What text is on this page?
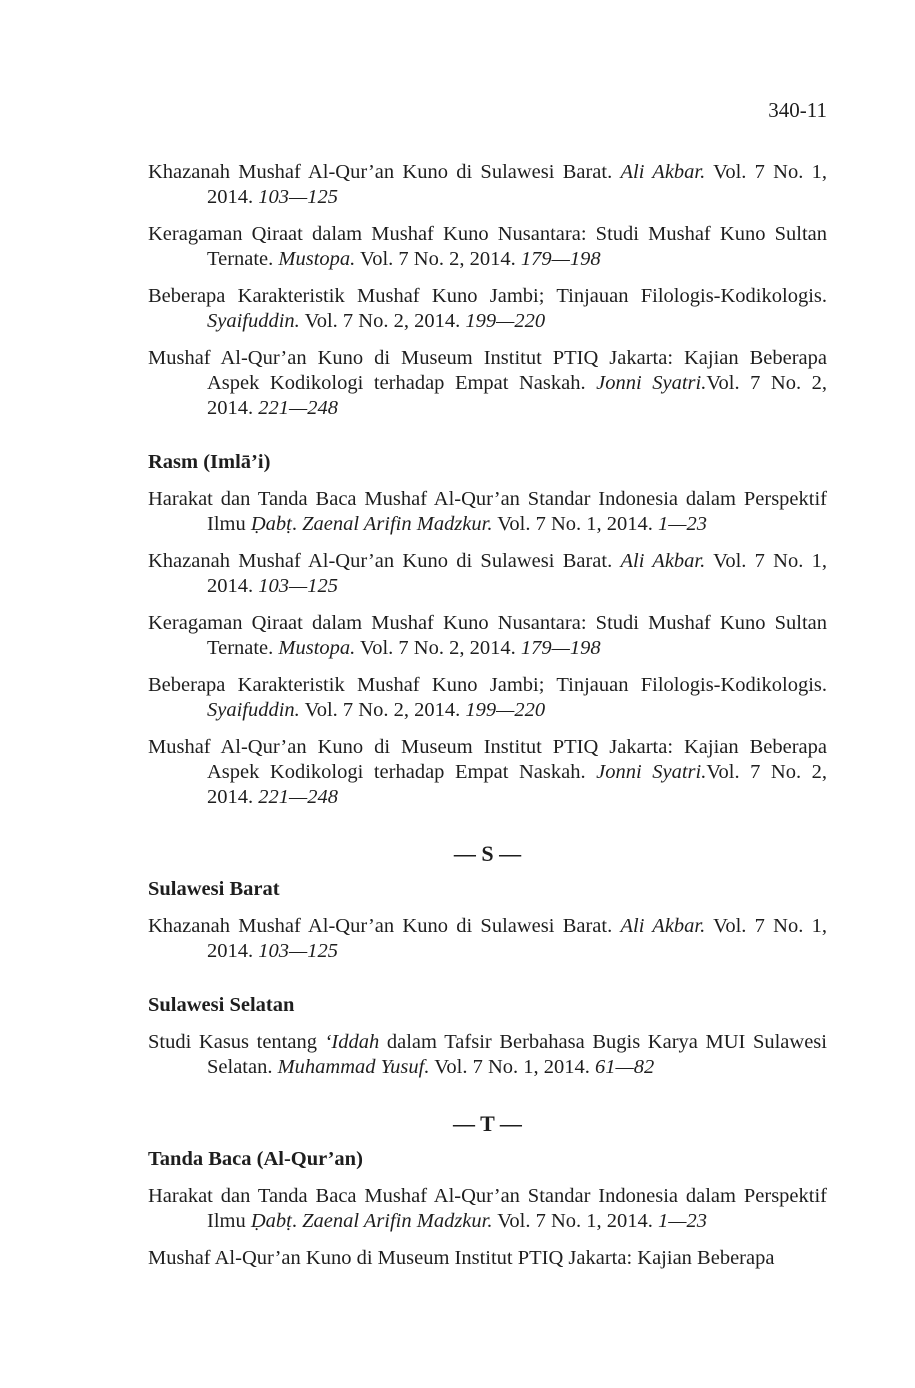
340-11
Khazanah Mushaf Al-Qur’an Kuno di Sulawesi Barat. Ali Akbar. Vol. 7 No. 1,
2014. 103—125
Keragaman Qiraat dalam Mushaf Kuno Nusantara: Studi Mushaf Kuno Sultan
Ternate. Mustopa. Vol. 7 No. 2, 2014. 179—198
Beberapa Karakteristik Mushaf Kuno Jambi; Tinjauan Filologis-Kodikologis.
Syaifuddin. Vol. 7 No. 2, 2014. 199—220
Mushaf Al-Qur’an Kuno di Museum Institut PTIQ Jakarta: Kajian Beberapa
Aspek Kodikologi terhadap Empat Naskah. Jonni Syatri.Vol. 7 No. 2,
2014. 221—248
Rasm (Imlā’i)
Harakat dan Tanda Baca Mushaf Al-Qur’an Standar Indonesia dalam Perspektif
Ilmu Ḍabṭ. Zaenal Arifin Madzkur. Vol. 7 No. 1, 2014. 1—23
Khazanah Mushaf Al-Qur’an Kuno di Sulawesi Barat. Ali Akbar. Vol. 7 No. 1,
2014. 103—125
Keragaman Qiraat dalam Mushaf Kuno Nusantara: Studi Mushaf Kuno Sultan
Ternate. Mustopa. Vol. 7 No. 2, 2014. 179—198
Beberapa Karakteristik Mushaf Kuno Jambi; Tinjauan Filologis-Kodikologis.
Syaifuddin. Vol. 7 No. 2, 2014. 199—220
Mushaf Al-Qur’an Kuno di Museum Institut PTIQ Jakarta: Kajian Beberapa
Aspek Kodikologi terhadap Empat Naskah. Jonni Syatri.Vol. 7 No. 2,
2014. 221—248
— S —
Sulawesi Barat
Khazanah Mushaf Al-Qur’an Kuno di Sulawesi Barat. Ali Akbar. Vol. 7 No. 1,
2014. 103—125
Sulawesi Selatan
Studi Kasus tentang ‘Iddah dalam Tafsir Berbahasa Bugis Karya MUI Sulawesi
Selatan. Muhammad Yusuf. Vol. 7 No. 1, 2014. 61—82
— T —
Tanda Baca (Al-Qur’an)
Harakat dan Tanda Baca Mushaf Al-Qur’an Standar Indonesia dalam Perspektif
Ilmu Ḍabṭ. Zaenal Arifin Madzkur. Vol. 7 No. 1, 2014. 1—23
Mushaf Al-Qur’an Kuno di Museum Institut PTIQ Jakarta: Kajian Beberapa
